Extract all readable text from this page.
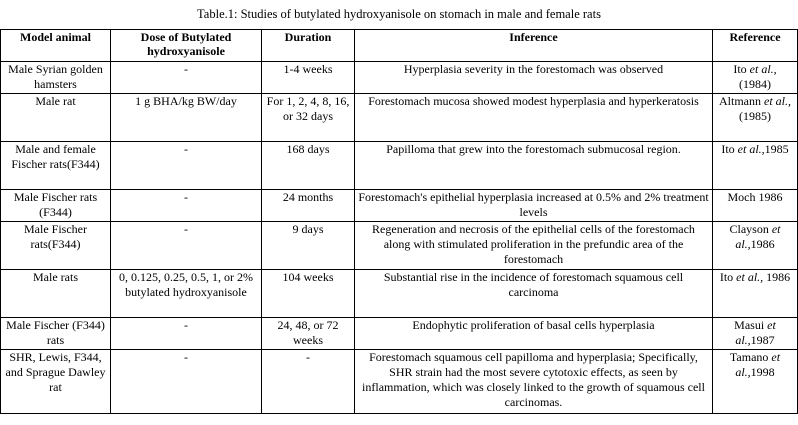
Table.1: Studies of butylated hydroxyanisole on stomach in male and female rats
Model animal	Dose of Butylated hydroxyanisole	Duration	Inference	Reference
Male Syrian golden hamsters	-	1-4 weeks	Hyperplasia severity in the forestomach was observed	Ito et al., (1984)
Male rat	1 g BHA/kg BW/day	For 1, 2, 4, 8, 16, or 32 days	Forestomach mucosa showed modest hyperplasia and hyperkeratosis	Altmann et al.,(1985)
Male and female Fischer rats(F344)	-	168 days	Papilloma that grew into the forestomach submucosal region.	Ito et al.,1985
Male Fischer rats (F344)	-	24 months	Forestomach's epithelial hyperplasia increased at 0.5% and 2% treatment levels	Moch 1986
Male Fischer rats(F344)	-	9 days	Regeneration and necrosis of the epithelial cells of the forestomach along with stimulated proliferation in the prefundic area of the forestomach	Clayson et al.,1986
Male rats	0, 0.125, 0.25, 0.5, 1, or 2% butylated hydroxyanisole	104 weeks	Substantial rise in the incidence of forestomach squamous cell carcinoma	Ito et al., 1986
Male Fischer (F344) rats	-	24, 48, or 72 weeks	Endophytic proliferation of basal cells hyperplasia	Masui et al.,1987
SHR, Lewis, F344, and Sprague Dawley rat	-	-	Forestomach squamous cell papilloma and hyperplasia; Specifically, SHR strain had the most severe cytotoxic effects, as seen by inflammation, which was closely linked to the growth of squamous cell carcinomas.	Tamano et al.,1998
